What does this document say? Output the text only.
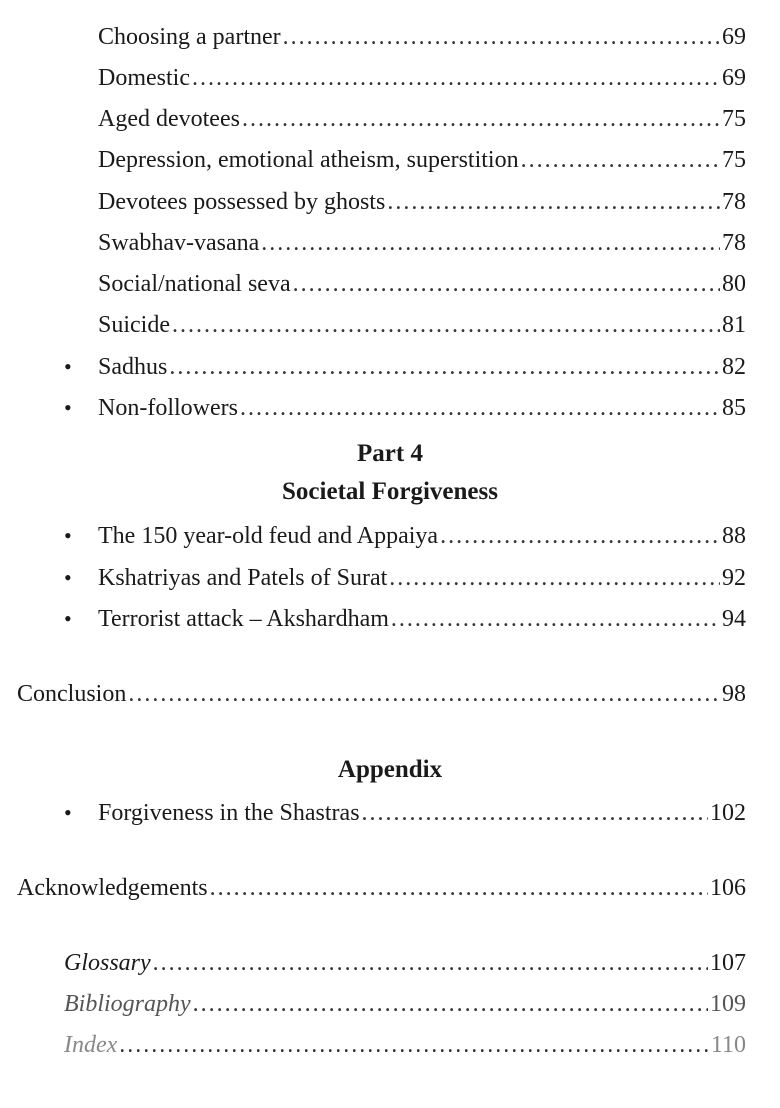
Choosing a partner .....	69
Domestic .....	69
Aged devotees .....	75
Depression, emotional atheism, superstition .....	75
Devotees possessed by ghosts .....	78
Swabhav-vasana .....	78
Social/national seva .....	80
Suicide .....	81
• Sadhus .....	82
• Non-followers .....	85
Part 4
Societal Forgiveness
• The 150 year-old feud and Appaiya .....	88
• Kshatriyas and Patels of Surat .....	92
• Terrorist attack – Akshardham .....	94
Conclusion .....	98
Appendix
• Forgiveness in the Shastras .....	102
Acknowledgements .....	106
Glossary .....	107
Bibliography .....	109
Index .....	110
